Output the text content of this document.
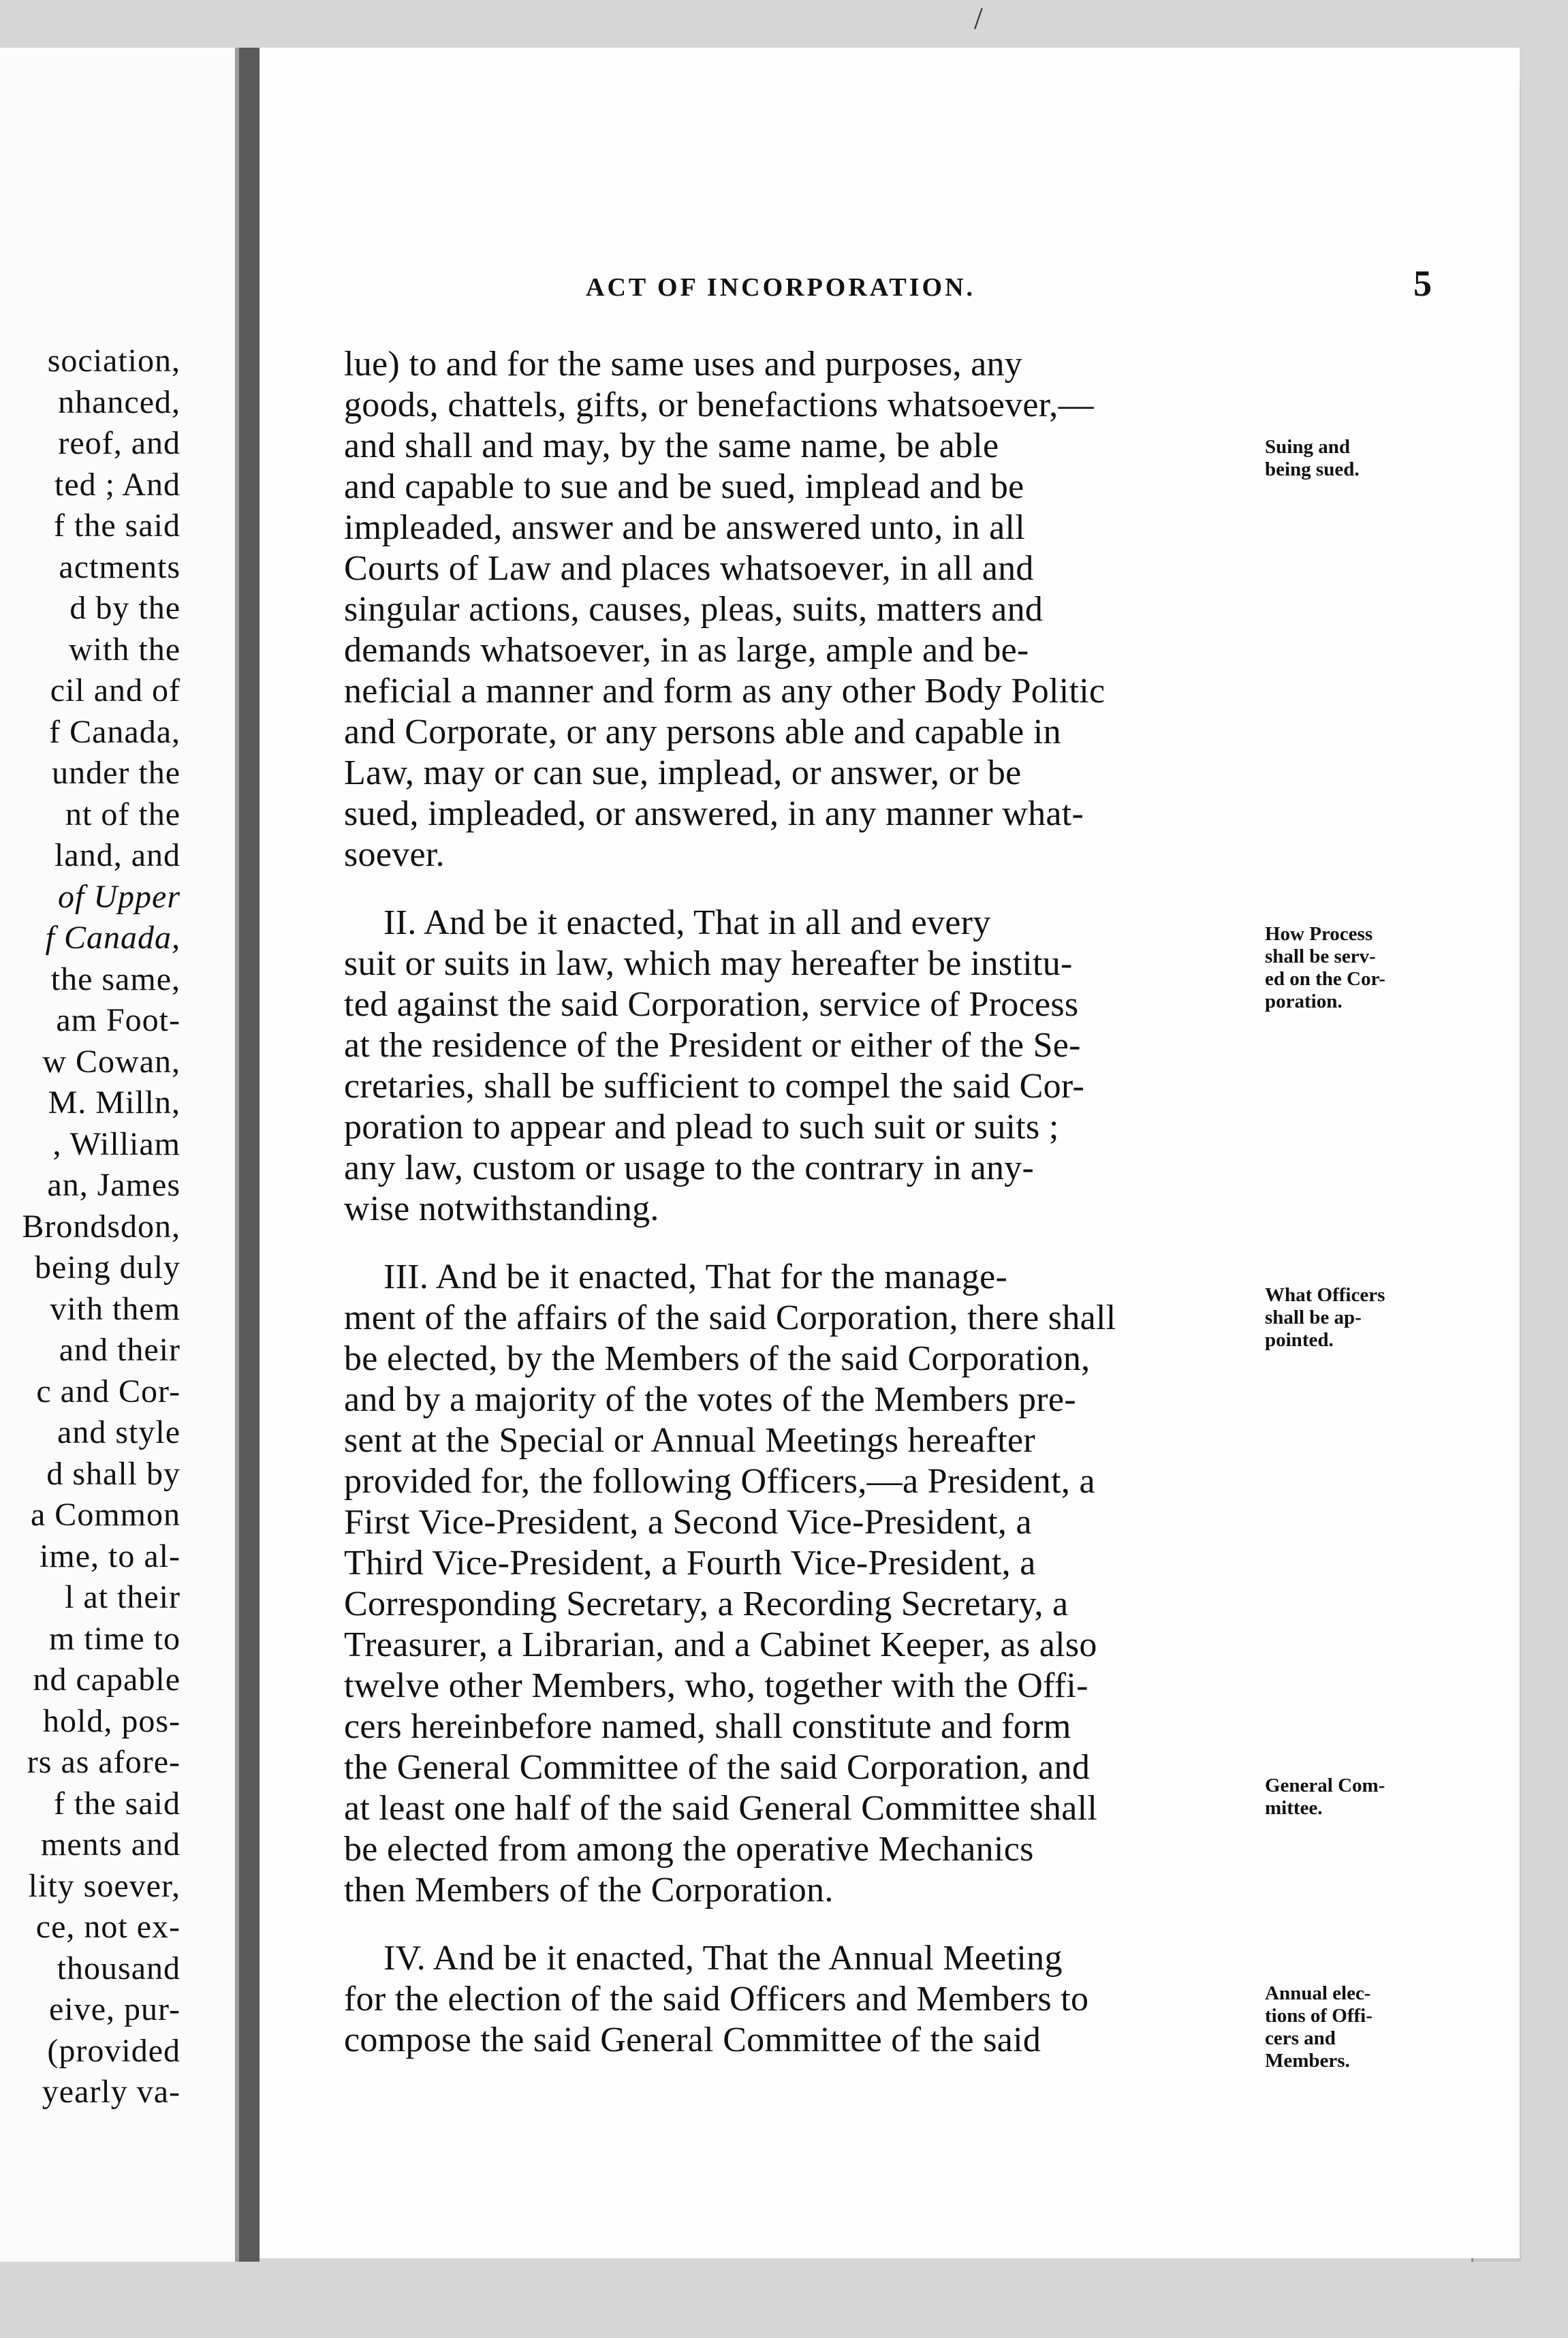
sociation,
nhanced,
reof, and
ted ; And
f the said
actments
d by the
with the
cil and of
f Canada,
under the
nt of the
land, and
of Upper
f Canada,
the same,
am Foot-
w Cowan,
M. Milln,
, William
an, James
Brondsdon,
being duly
vith them
and their
c and Cor-
and style
d shall by
a Common
ime, to al-
l at their
m time to
nd capable
hold, pos-
rs as afore-
f the said
ments and
lity soever,
ce, not ex-
thousand
eive, pur-
(provided
yearly va-
/
ACT OF INCORPORATION.	5
lue) to and for the same uses and purposes, any
goods, chattels, gifts, or benefactions whatsoever,—
and shall and may, by the same name, be able
and capable to sue and be sued, implead and be
impleaded, answer and be answered unto, in all
Courts of Law and places whatsoever, in all and
singular actions, causes, pleas, suits, matters and
demands whatsoever, in as large, ample and be-
neficial a manner and form as any other Body Politic
and Corporate, or any persons able and capable in
Law, may or can sue, implead, or answer, or be
sued, impleaded, or answered, in any manner what-
soever.
II. And be it enacted, That in all and every
suit or suits in law, which may hereafter be institu-
ted against the said Corporation, service of Process
at the residence of the President or either of the Se-
cretaries, shall be sufficient to compel the said Cor-
poration to appear and plead to such suit or suits ;
any law, custom or usage to the contrary in any-
wise notwithstanding.
III. And be it enacted, That for the manage-
ment of the affairs of the said Corporation, there shall
be elected, by the Members of the said Corporation,
and by a majority of the votes of the Members pre-
sent at the Special or Annual Meetings hereafter
provided for, the following Officers,—a President, a
First Vice-President, a Second Vice-President, a
Third Vice-President, a Fourth Vice-President, a
Corresponding Secretary, a Recording Secretary, a
Treasurer, a Librarian, and a Cabinet Keeper, as also
twelve other Members, who, together with the Offi-
cers hereinbefore named, shall constitute and form
the General Committee of the said Corporation, and
at least one half of the said General Committee shall
be elected from among the operative Mechanics
then Members of the Corporation.
IV. And be it enacted, That the Annual Meeting
for the election of the said Officers and Members to
compose the said General Committee of the said
Suing and
being sued.
How Process
shall be serv-
ed on the Cor-
poration.
What Officers
shall be ap-
pointed.
General Com-
mittee.
Annual elec-
tions of Offi-
cers and
Members.
